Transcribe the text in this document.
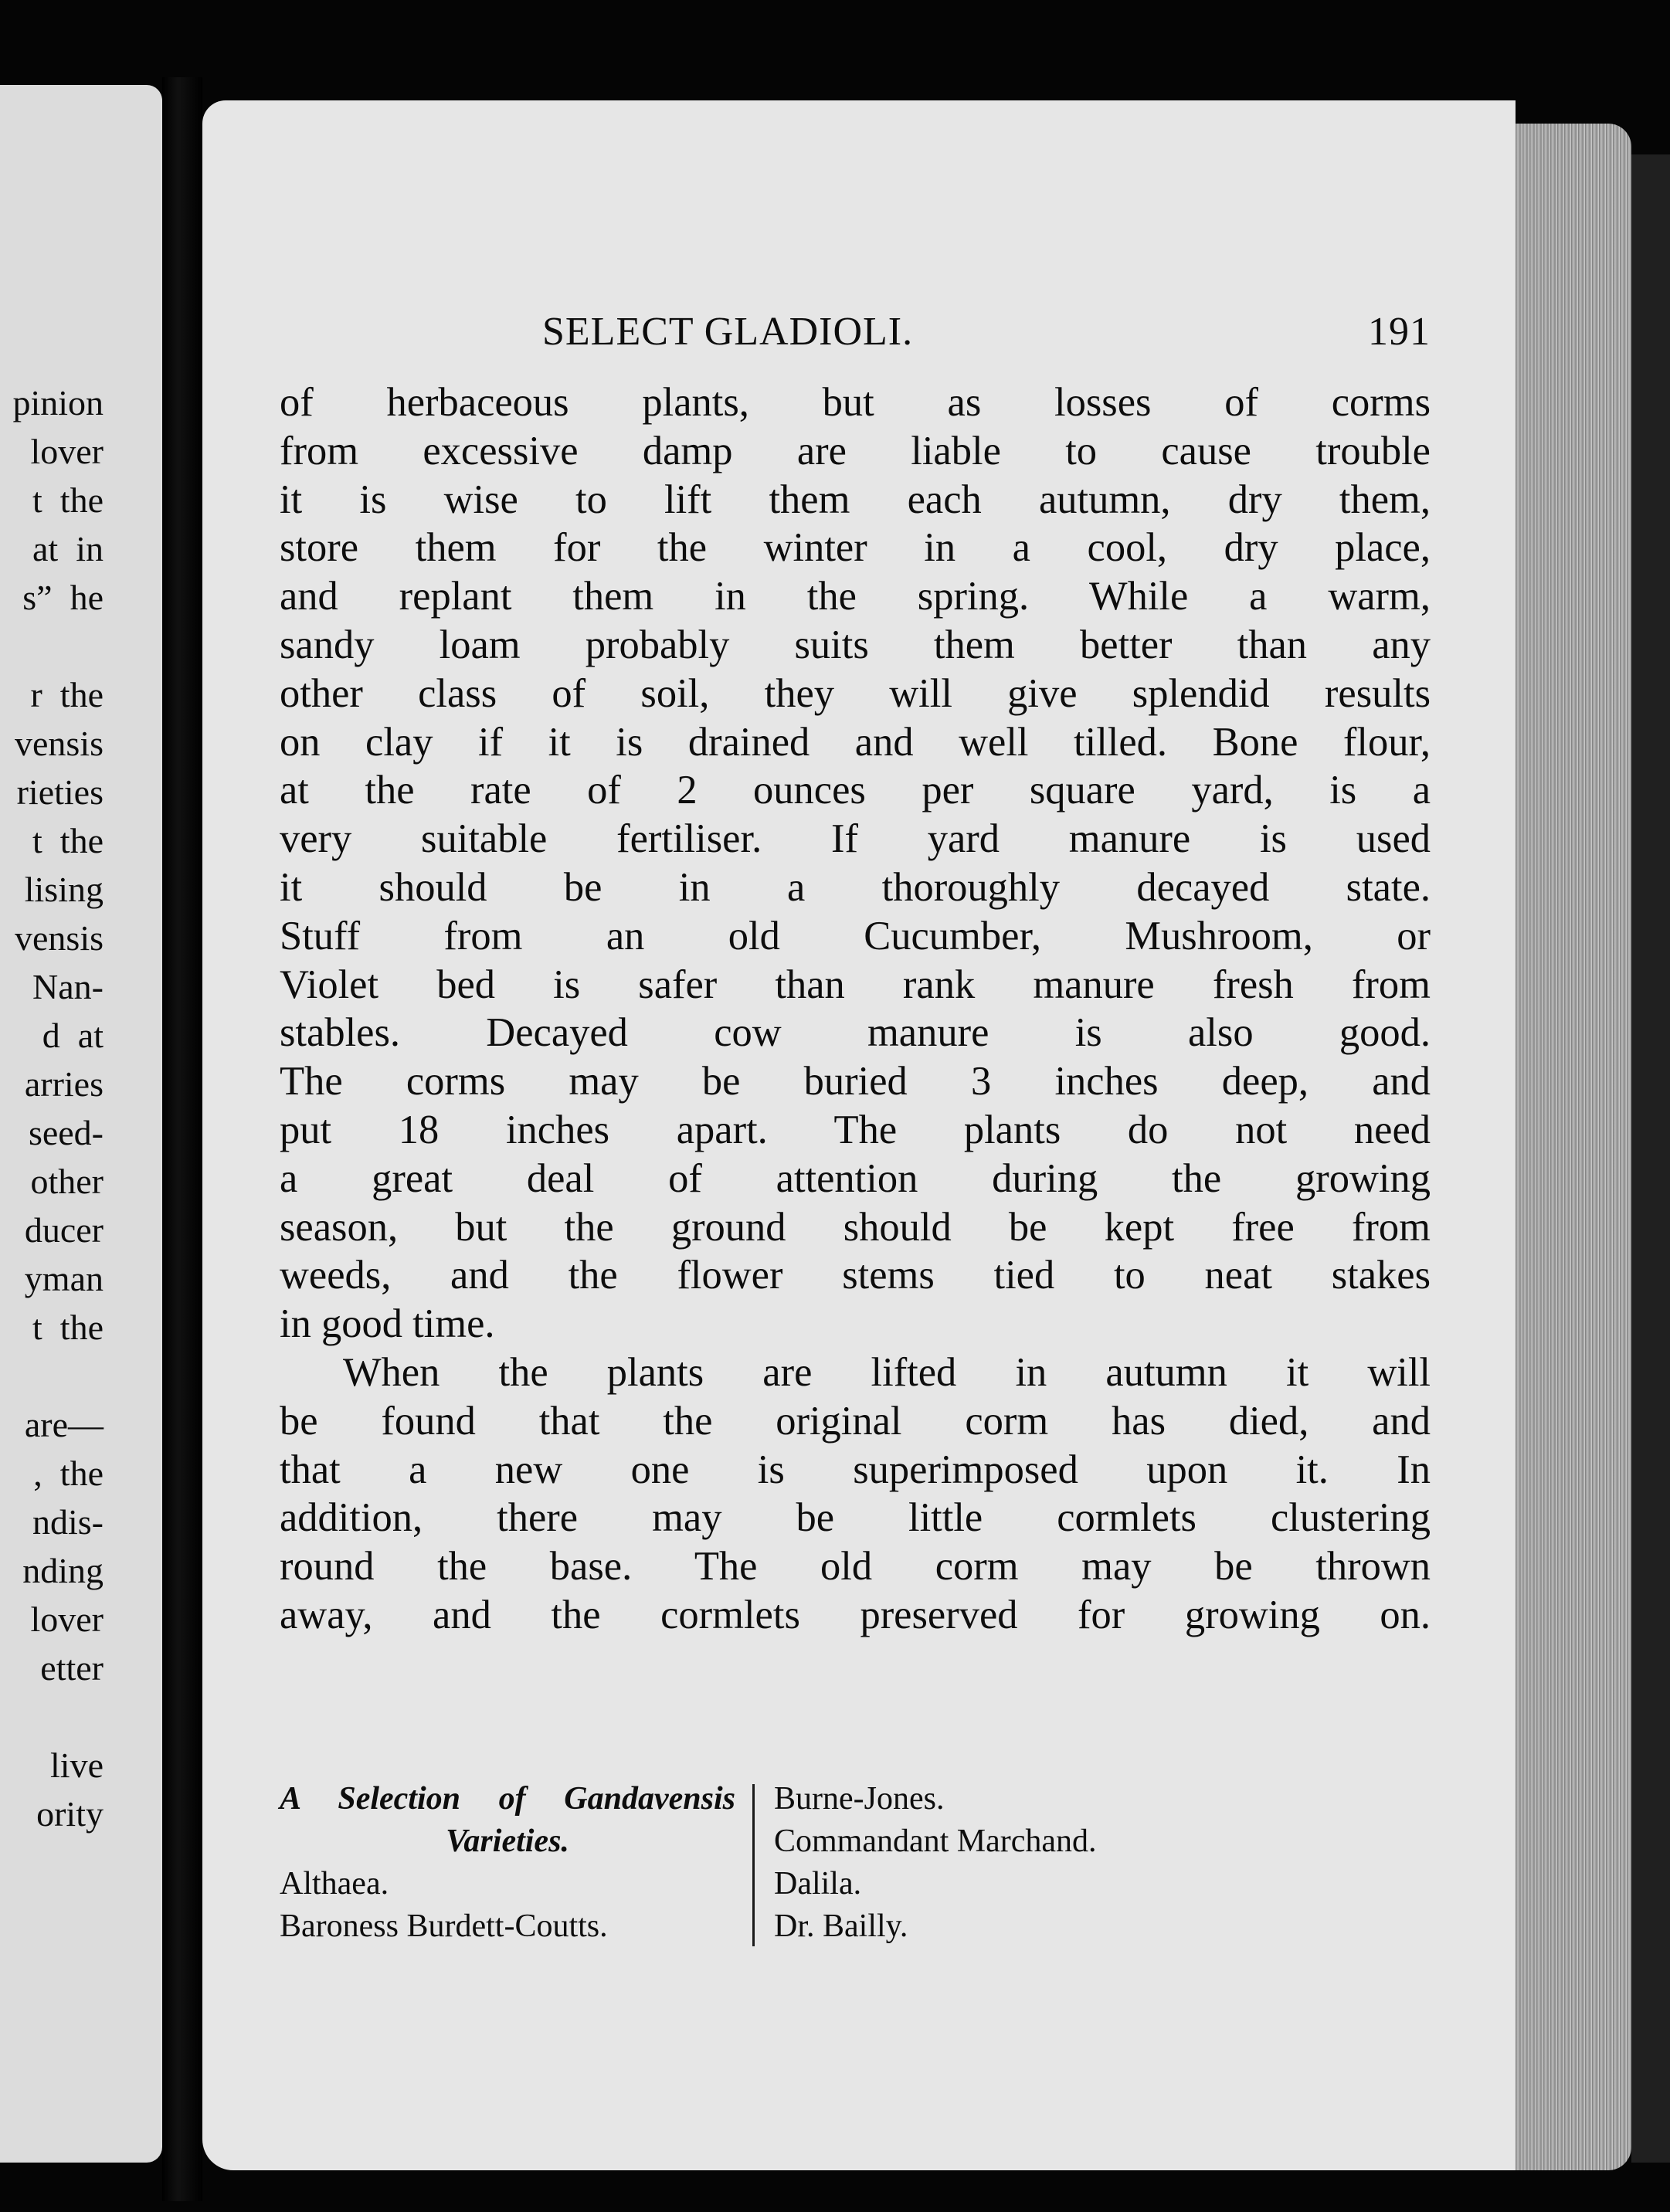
pinion
lover
t  the
at  in
s”  he
r  the
vensis
rieties
t  the
lising
vensis
Nan-
d  at
arries
seed-
other
ducer
yman
t  the
are—
,  the
ndis-
nding
lover
etter
live
ority
SELECT GLADIOLI.	191
of herbaceous plants, but as losses of corms
from excessive damp are liable to cause trouble
it is wise to lift them each autumn, dry them,
store them for the winter in a cool, dry place,
and replant them in the spring. While a warm,
sandy loam probably suits them better than any
other class of soil, they will give splendid results
on clay if it is drained and well tilled. Bone flour,
at the rate of 2 ounces per square yard, is a
very suitable fertiliser. If yard manure is used
it should be in a thoroughly decayed state.
Stuff from an old Cucumber, Mushroom, or
Violet bed is safer than rank manure fresh from
stables. Decayed cow manure is also good.
The corms may be buried 3 inches deep, and
put 18 inches apart. The plants do not need
a great deal of attention during the growing
season, but the ground should be kept free from
weeds, and the flower stems tied to neat stakes
in good time.
When the plants are lifted in autumn it will
be found that the original corm has died, and
that a new one is superimposed upon it. In
addition, there may be little cormlets clustering
round the base. The old corm may be thrown
away, and the cormlets preserved for growing on.
A Selection of Gandavensis
Varieties.
Althaea.
Baroness Burdett-Coutts.
Burne-Jones.
Commandant Marchand.
Dalila.
Dr. Bailly.
